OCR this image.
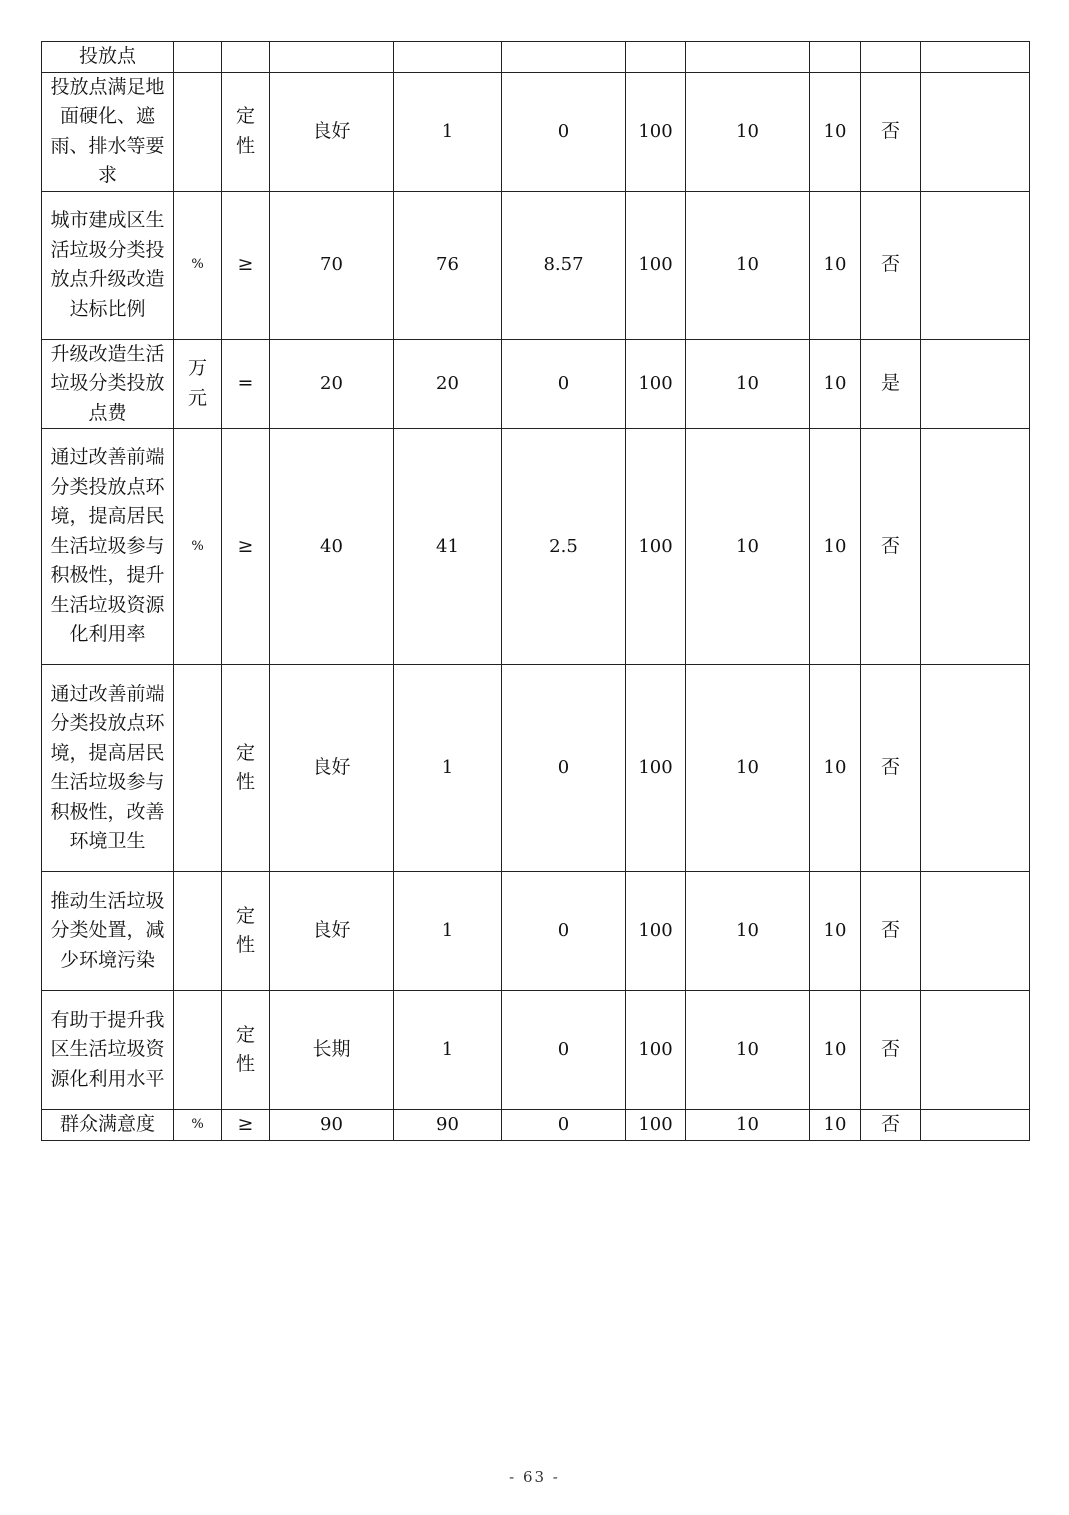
投放点										
投放点满足地面硬化、遮雨、排水等要求		定性	良好	1	0	100	10	10	否	
城市建成区生活垃圾分类投放点升级改造达标比例	%	≥	70	76	8.57	100	10	10	否	
升级改造生活垃圾分类投放点费	万元	=	20	20	0	100	10	10	是	
通过改善前端分类投放点环境，提高居民生活垃圾参与积极性，提升生活垃圾资源化利用率	%	≥	40	41	2.5	100	10	10	否	
通过改善前端分类投放点环境，提高居民生活垃圾参与积极性，改善环境卫生		定性	良好	1	0	100	10	10	否	
推动生活垃圾分类处置，减少环境污染		定性	良好	1	0	100	10	10	否	
有助于提升我区生活垃圾资源化利用水平		定性	长期	1	0	100	10	10	否	
群众满意度	%	≥	90	90	0	100	10	10	否	
- 63 -
